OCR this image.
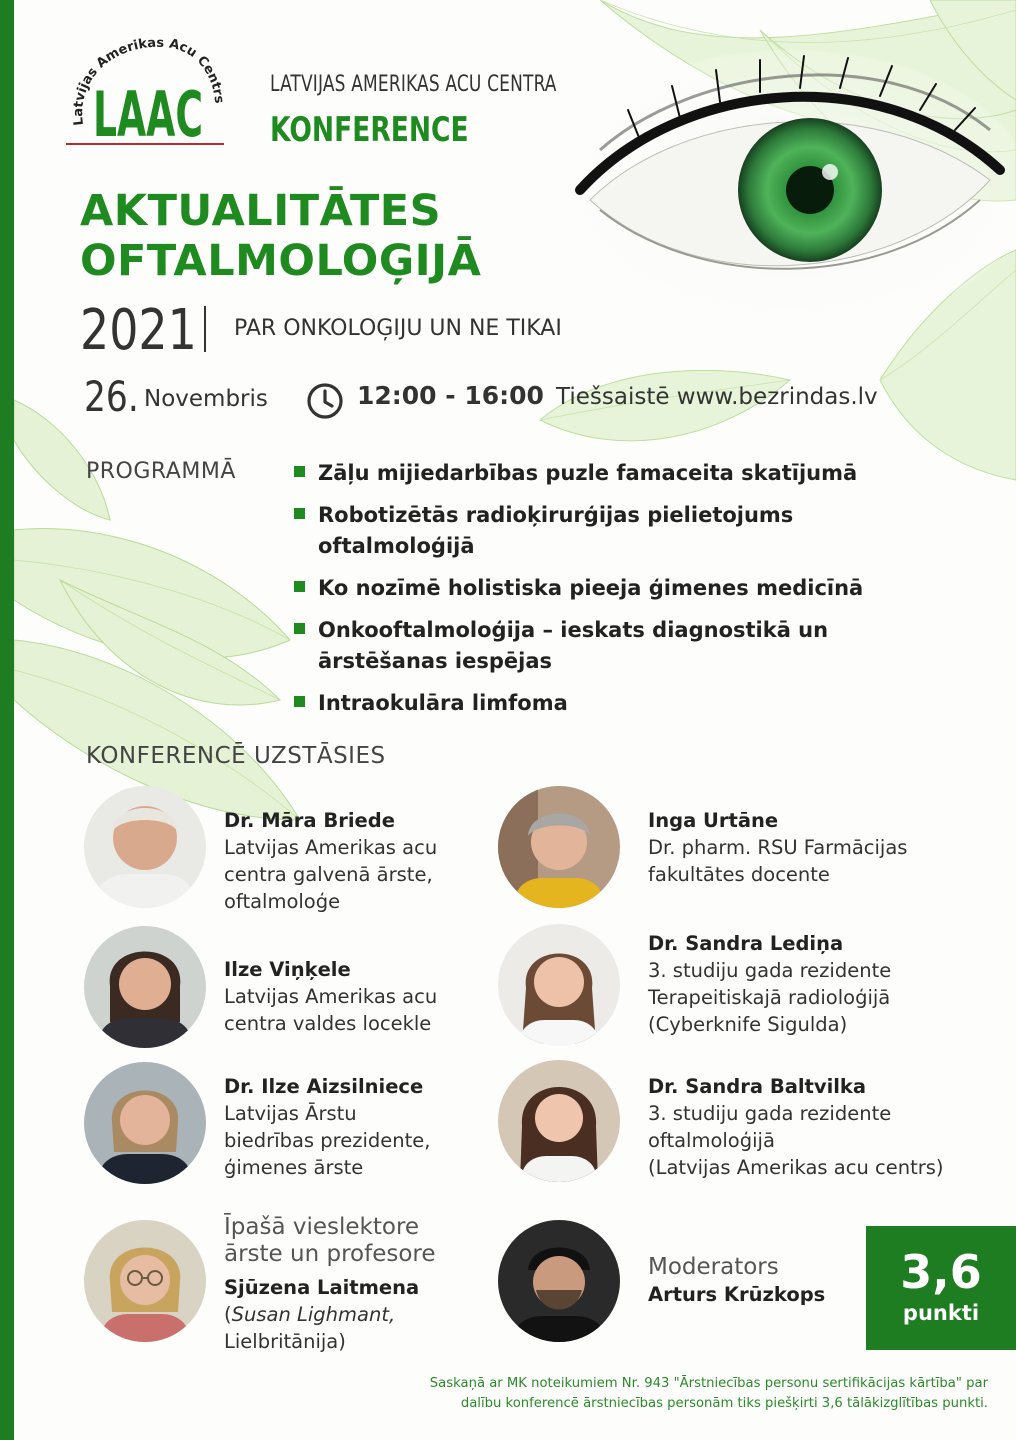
Latvijas Amerikas Acu Centrs
LAAC	LATVIJAS AMERIKAS ACU CENTRA
KONFERENCE
AKTUALITĀTES
OFTALMOLOĢIJĀ
2021 PAR ONKOLOĢIJU UN NE TIKAI
26. Novembris	12:00 - 16:00 Tiešsaistē www.bezrindas.lv
PROGRAMMĀ	Zāļu mijiedarbības puzle famaceita skatījumā
Robotizētās radioķirurģijas pielietojums
oftalmoloģijā
Ko nozīmē holistiska pieeja ģimenes medicīnā
Onkooftalmoloģija – ieskats diagnostikā un
ārstēšanas iespējas
Intraokulāra limfoma
KONFERENCĒ UZSTĀSIES
Dr. Māra Briede
Latvijas Amerikas acu
centra galvenā ārste,
oftalmoloģe
Inga Urtāne
Dr. pharm. RSU Farmācijas
fakultātes docente
Ilze Viņķele
Latvijas Amerikas acu
centra valdes locekle
Dr. Sandra Lediņa
3. studiju gada rezidente
Terapeitiskajā radioloģijā
(Cyberknife Sigulda)
Dr. Ilze Aizsilniece
Latvijas Ārstu
biedrības prezidente,
ģimenes ārste
Dr. Sandra Baltvilka
3. studiju gada rezidente
oftalmoloģijā
(Latvijas Amerikas acu centrs)
Īpašā vieslektore
ārste un profesore
Sjūzena Laitmena
(Susan Lighmant,
Lielbritānija)
Moderators
Arturs Krūzkops	3,6
punkti
Saskaņā ar MK noteikumiem Nr. 943 "Ārstniecības personu sertifikācijas kārtība" par
dalību konferencē ārstniecības personām tiks piešķirti 3,6 tālākizglītības punkti.
